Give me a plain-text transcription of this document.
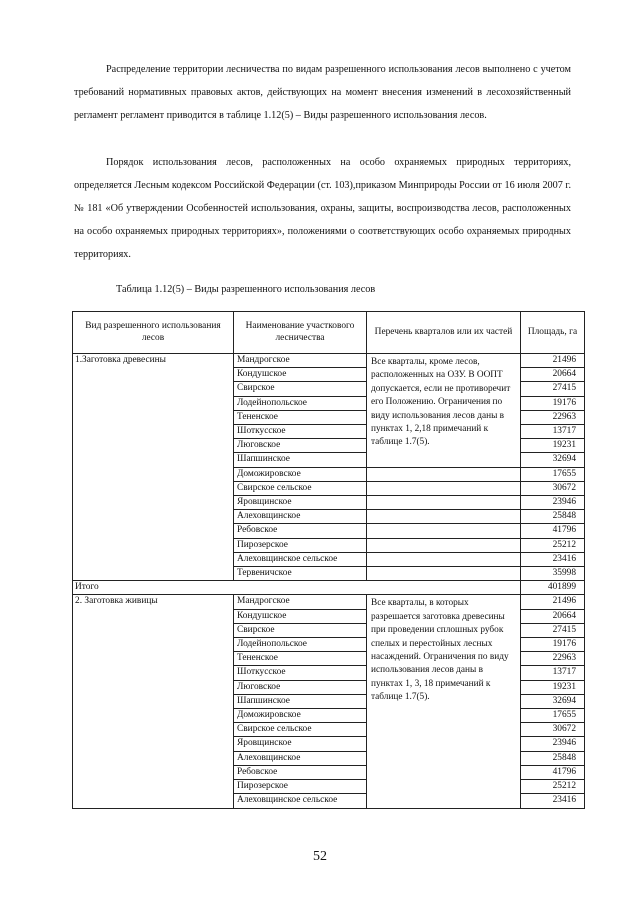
Распределение территории лесничества по видам разрешенного использования лесов выполнено с учетом требований нормативных правовых актов, действующих на момент внесения изменений в лесохозяйственный регламент регламент приводится в таблице 1.12(5) – Виды разрешенного использования лесов.

Порядок использования лесов, расположенных на особо охраняемых природных территориях, определяется Лесным кодексом Российской Федерации (ст. 103),приказом Минприроды России от 16 июля 2007 г. № 181 «Об утверждении Особенностей использования, охраны, защиты, воспроизводства лесов, расположенных на особо охраняемых природных территориях», положениями о соответствующих особо охраняемых природных территориях.

Таблица 1.12(5) – Виды разрешенного использования лесов

Вид разрешенного использования лесов	Наименование участкового лесничества	Перечень кварталов или их частей	Площадь, га
1.Заготовка древесины	Мандрогское	Все кварталы, кроме лесов, расположенных на ОЗУ. В ООПТ допускается, если не противоречит его Положению. Ограничения по виду использования лесов даны в пунктах 1, 2,18 примечаний к таблице 1.7(5).	21496
	Кондушское		20664
	Свирское		27415
	Лодейнопольское		19176
	Тененское		22963
	Шоткусское		13717
	Люговское		19231
	Шапшинское		32694
	Доможировское		17655
	Свирское сельское		30672
	Яровщинское		23946
	Алеховщинское		25848
	Ребовское		41796
	Пирозерское		25212
	Алеховщинское сельское		23416
	Тервеничское		35998
Итого			401899
2. Заготовка живицы	Мандрогское	Все кварталы, в которых разрешается заготовка древесины при проведении сплошных рубок спелых и перестойных лесных насаждений. Ограничения по виду использования лесов даны в пунктах 1, 3, 18 примечаний к таблице 1.7(5).	21496
	Кондушское		20664
	Свирское		27415
	Лодейнопольское		19176
	Тененское		22963
	Шоткусское		13717
	Люговское		19231
	Шапшинское		32694
	Доможировское		17655
	Свирское сельское		30672
	Яровщинское		23946
	Алеховщинское		25848
	Ребовское		41796
	Пирозерское		25212
	Алеховщинское сельское		23416
52
